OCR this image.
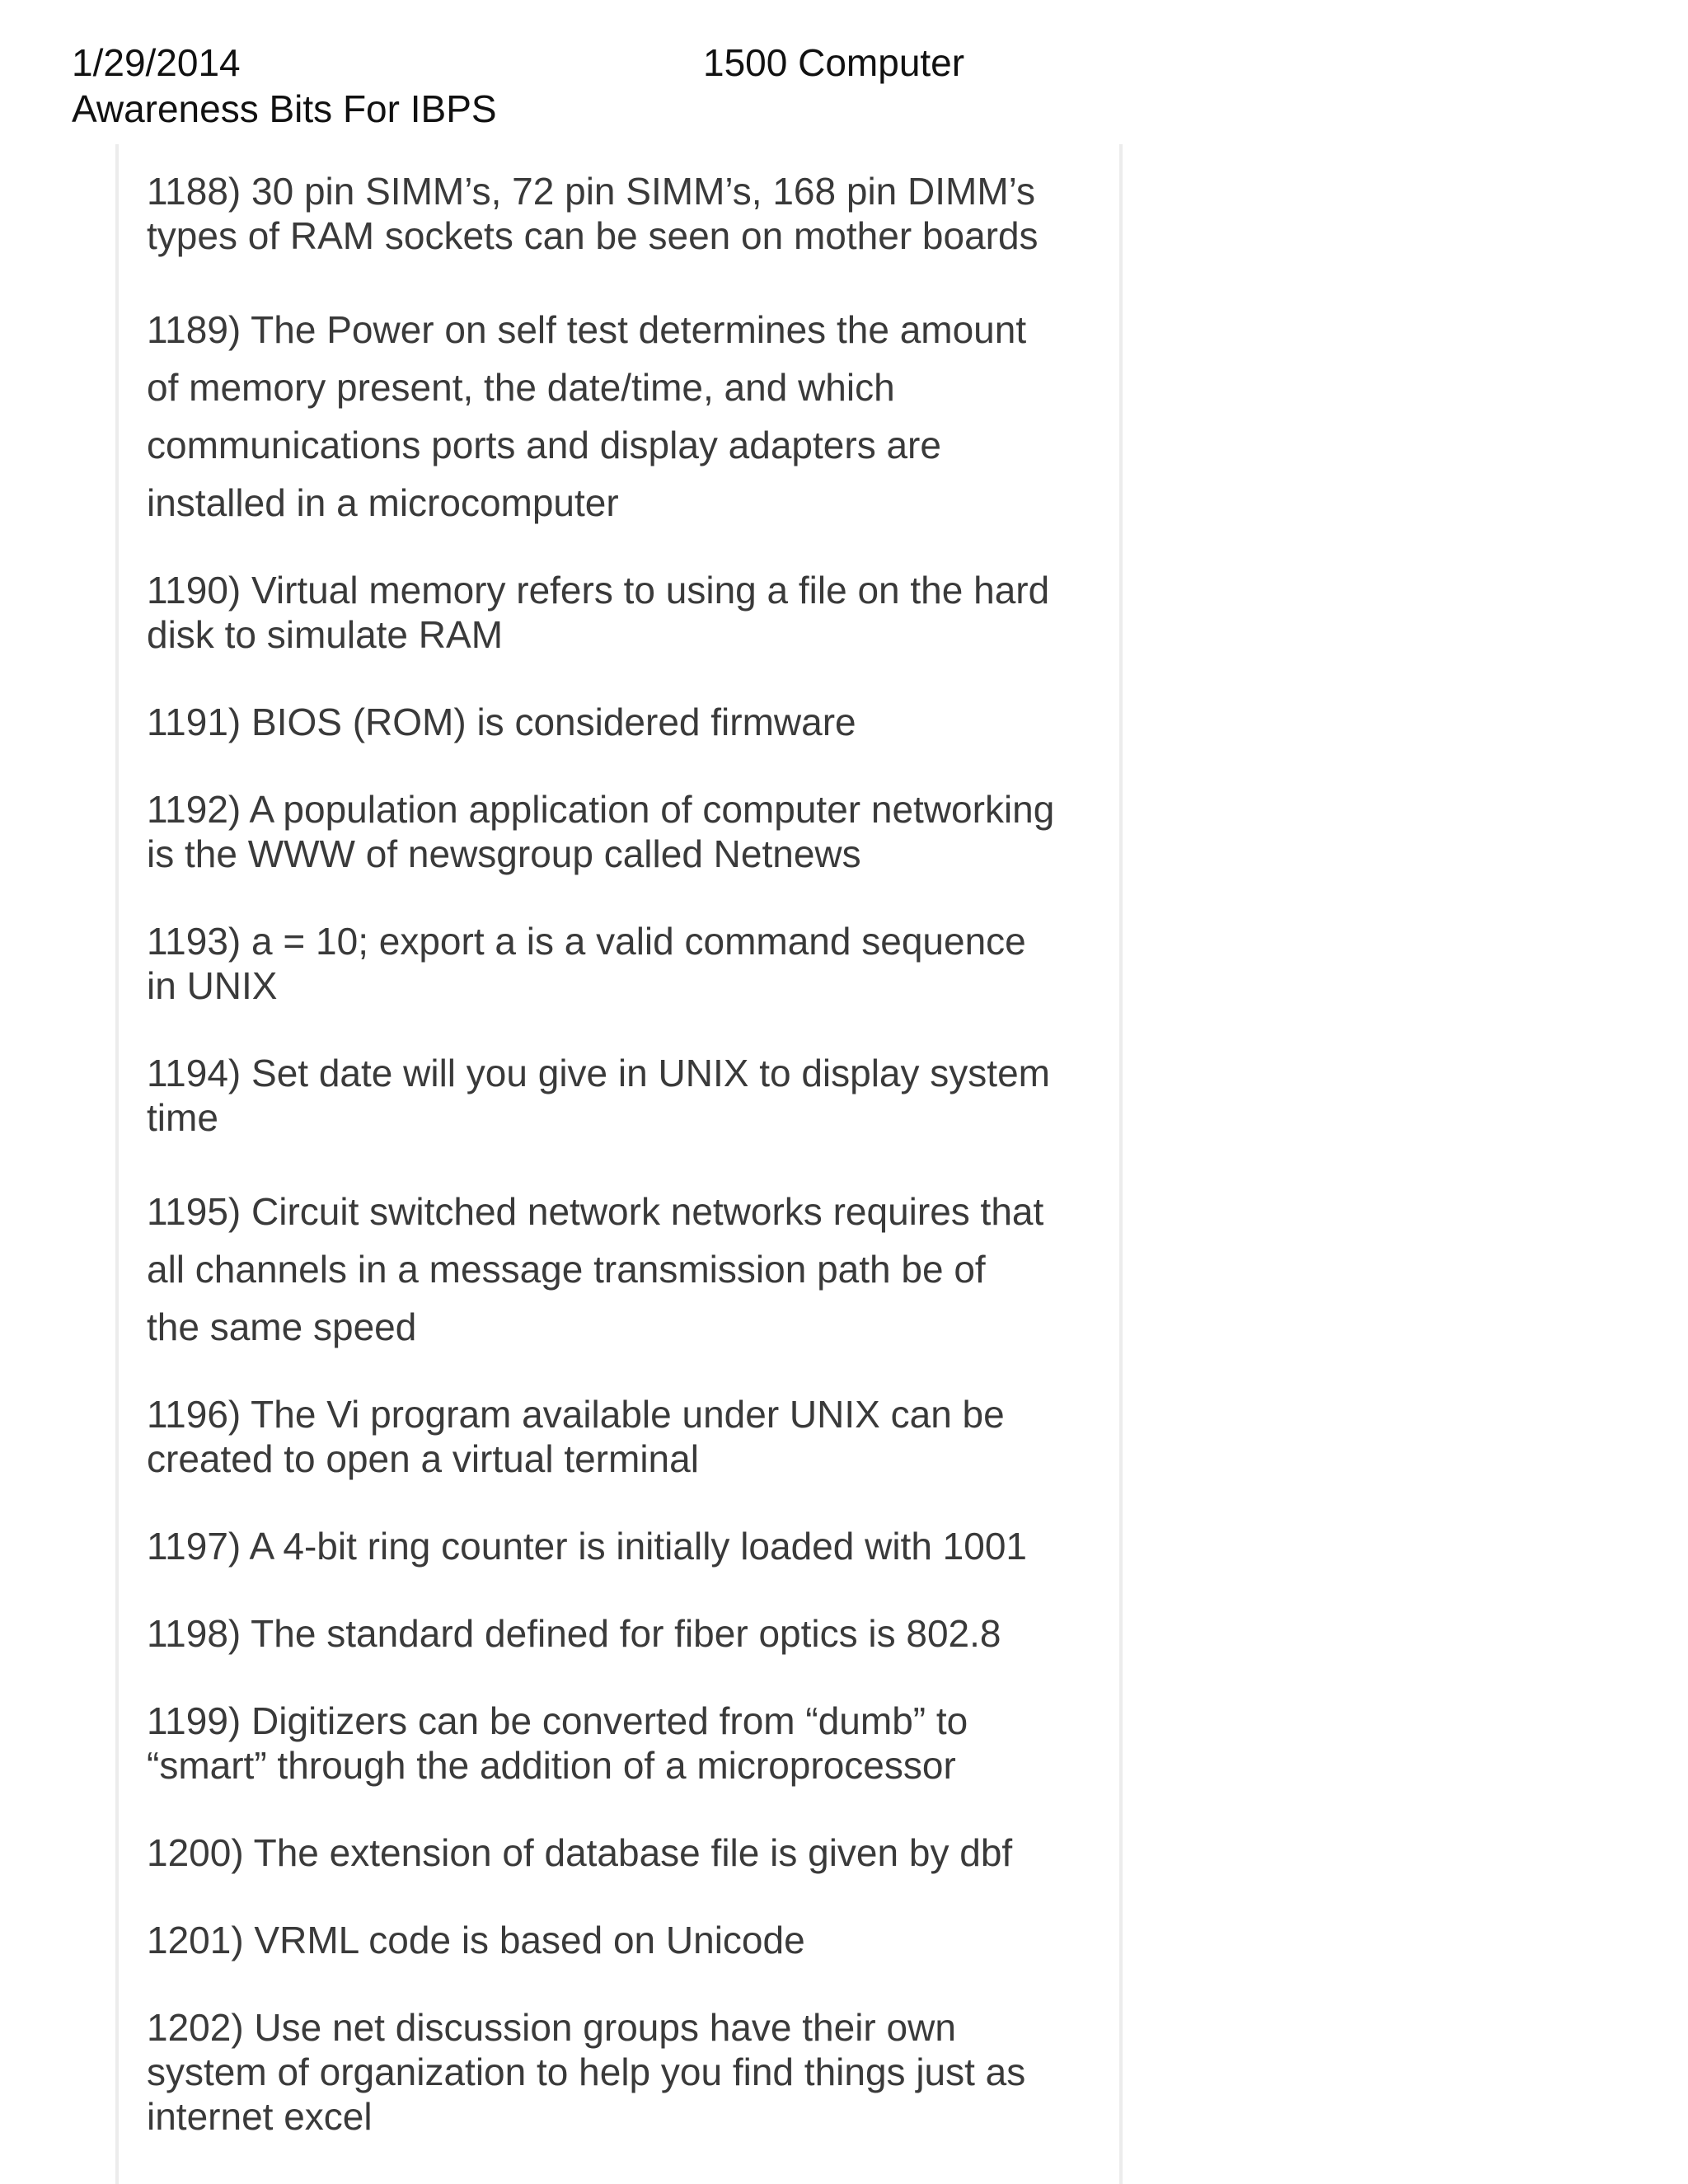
1/29/2014	1500 Computer
Awareness Bits For IBPS
1188) 30 pin SIMM’s, 72 pin SIMM’s, 168 pin DIMM’s
types of RAM sockets can be seen on mother boards
1189) The Power on self test determines the amount
of memory present, the date/time, and which
communications ports and display adapters are
installed in a microcomputer
1190) Virtual memory refers to using a file on the hard
disk to simulate RAM
1191) BIOS (ROM) is considered firmware
1192) A population application of computer networking
is the WWW of newsgroup called Netnews
1193) a = 10; export a is a valid command sequence
in UNIX
1194) Set date will you give in UNIX to display system
time
1195) Circuit switched network networks requires that
all channels in a message transmission path be of
the same speed
1196) The Vi program available under UNIX can be
created to open a virtual terminal
1197) A 4-bit ring counter is initially loaded with 1001
1198) The standard defined for fiber optics is 802.8
1199) Digitizers can be converted from “dumb” to
“smart” through the addition of a microprocessor
1200) The extension of database file is given by dbf
1201) VRML code is based on Unicode
1202) Use net discussion groups have their own
system of organization to help you find things just as
internet excel
